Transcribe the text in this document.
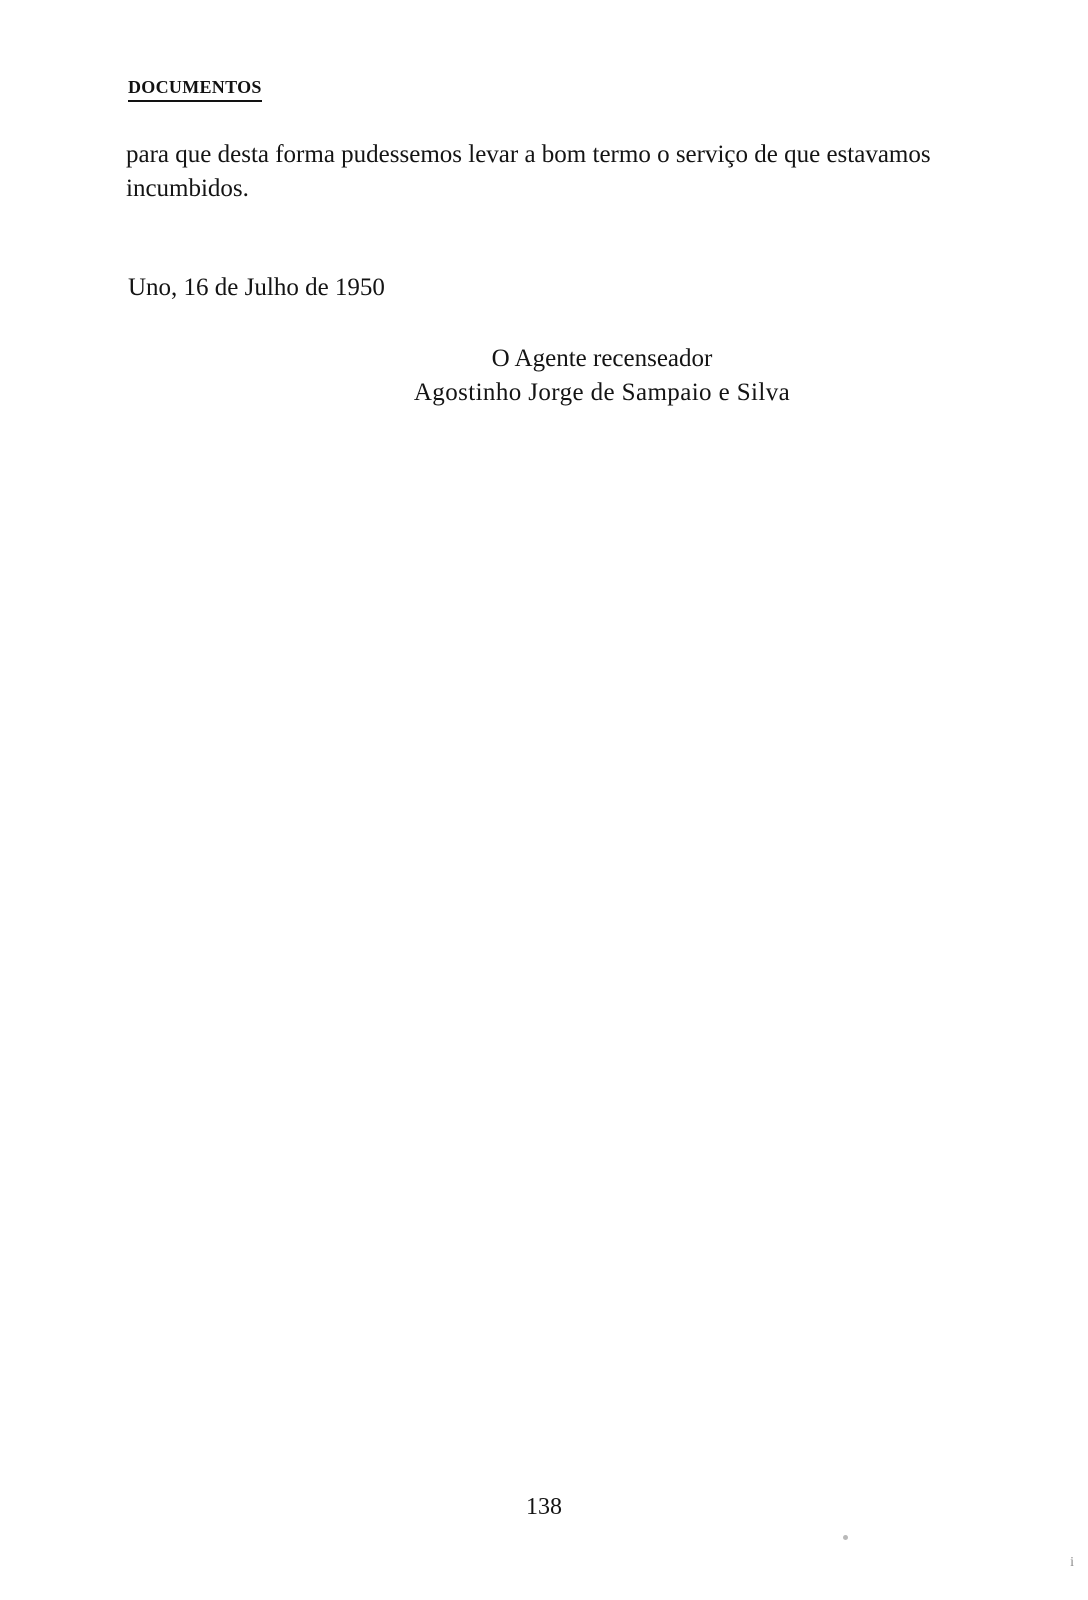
DOCUMENTOS

para que desta forma pudessemos levar a bom termo o serviço de que estavamos incumbidos.

Uno, 16 de Julho de 1950

O Agente recenseador

Agostinho Jorge de Sampaio e Silva

138
i
